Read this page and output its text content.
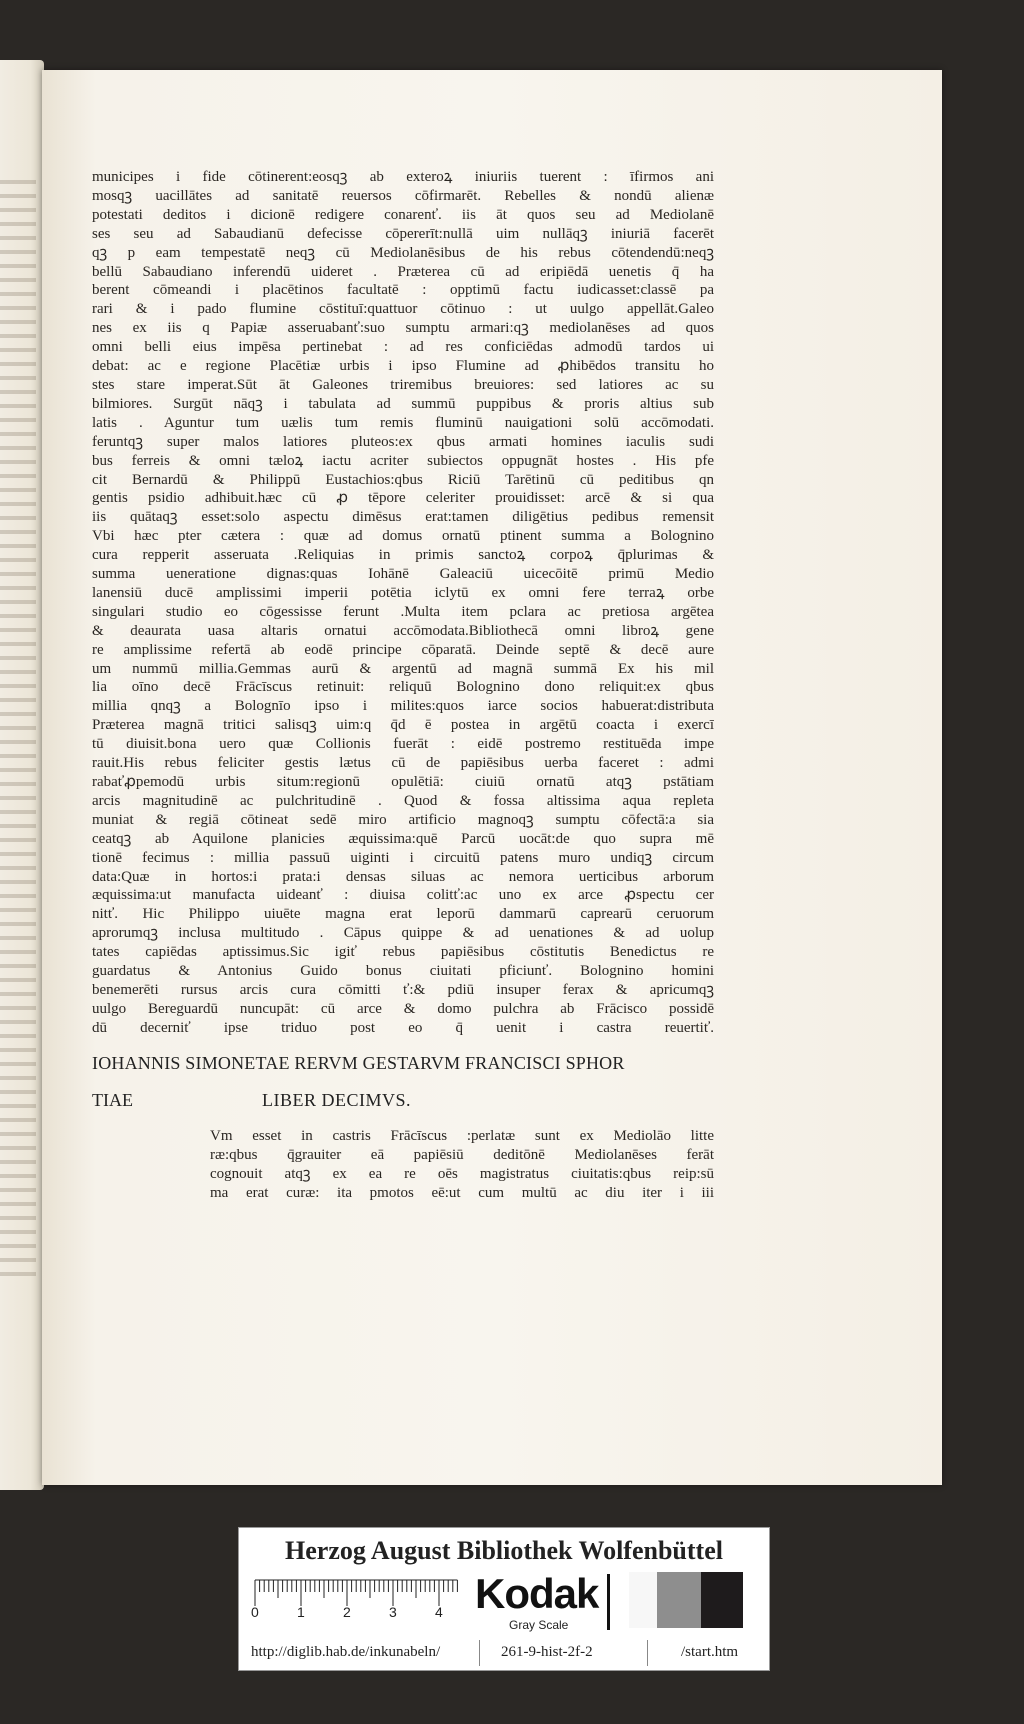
municipes i fide cōtinerent:eosqꝫ ab exteroꝝ iniuriis tuerent : īfirmos ani
mosqꝫ uacillātes ad sanitatē reuersos cōfirmarēt. Rebelles & nondū alienæ
potestati deditos i dicionē redigere conarenť. iis āt quos seu ad Mediolanē
ses seu ad Sabaudianū defecisse cōpererīt:nullā uim nullāqꝫ iniuriā facerēt
qꝫ p eam tempestatē neqꝫ cū Mediolanēsibus de his rebus cōtendendū:neqꝫ
bellū Sabaudiano inferendū uideret . Præterea cū ad eripiēdā uenetis q̄ ha
berent cōmeandi i placētinos facultatē : opptimū factu iudicasset:classē pa
rari & i pado flumine cōstituī:quattuor cōtinuo : ut uulgo appellāt.Galeo
nes ex iis q Papiæ asseruabanť:suo sumptu armari:qꝫ mediolanēses ad quos
omni belli eius impēsa pertinebat : ad res conficiēdas admodū tardos ui
debat: ac e regione Placētiæ urbis i ipso Flumine ad ꝓhibēdos transitu ho
stes stare imperat.Sūt āt Galeones triremibus breuiores: sed latiores ac su
bilmiores. Surgūt nāqꝫ i tabulata ad summū puppibus & proris altius sub
latis . Aguntur tum uælis tum remis fluminū nauigationi solū accōmodati.
feruntqꝫ super malos latiores pluteos:ex qbus armati homines iaculis sudi
bus ferreis & omni tæloꝝ iactu acriter subiectos oppugnāt hostes . His pfe
cit Bernardū & Philippū Eustachios:qbus Riciū Tarētinū cū peditibus qn
gentis psidio adhibuit.hæc cū ꝓ tēpore celeriter prouidisset: arcē & si qua
iis quātaqꝫ esset:solo aspectu dimēsus erat:tamen diligētius pedibus remensit
Vbi hæc pter cætera : quæ ad domus ornatū ptinent summa a Bolognino
cura repperit asseruata .Reliquias in primis sanctoꝝ corpoꝝ q̄plurimas &
summa ueneratione dignas:quas Iohānē Galeaciū uicecōitē primū Medio
lanensiū ducē amplissimi imperii potētia iclytū ex omni fere terraꝝ orbe
singulari studio eo cōgessisse ferunt .Multa item pclara ac pretiosa argētea
& deaurata uasa altaris ornatui accōmodata.Bibliothecā omni libroꝝ gene
re amplissime refertā ab eodē principe cōparatā. Deinde septē & decē aure
um nummū millia.Gemmas aurū & argentū ad magnā summā Ex his mil
lia oīno decē Frācīscus retinuit: reliquū Bolognino dono reliquit:ex qbus
millia qnqꝫ a Bolognīo ipso i milites:quos iarce socios habuerat:distributa
Præterea magnā tritici salisqꝫ uim:q q̄d ē postea in argētū coacta i exercī
tū diuisit.bona uero quæ Collionis fuerāt : eidē postremo restituēda impe
rauit.His rebus feliciter gestis lætus cū de papiēsibus uerba faceret : admi
rabaťꝓpemodū urbis situm:regionū opulētiā: ciuiū ornatū atqꝫ pstātiam
arcis magnitudinē ac pulchritudinē . Quod & fossa altissima aqua repleta
muniat & regiā cōtineat sedē miro artificio magnoqꝫ sumptu cōfectā:a sia
ceatqꝫ ab Aquilone planicies æquissima:quē Parcū uocāt:de quo supra mē
tionē fecimus : millia passuū uiginti i circuitū patens muro undiqꝫ circum
data:Quæ in hortos:i prata:i densas siluas ac nemora uerticibus arborum
æquissima:ut manufacta uideanť : diuisa colitť:ac uno ex arce ꝓspectu cer
nitť. Hic Philippo uiuēte magna erat leporū dammarū caprearū ceruorum
aprorumqꝫ inclusa multitudo . Cāpus quippe & ad uenationes & ad uolup
tates capiēdas aptissimus.Sic igiť rebus papiēsibus cōstitutis Benedictus re
guardatus & Antonius Guido bonus ciuitati pficiunť. Bolognino homini
benemerēti rursus arcis cura cōmitti ť:& pdiū insuper ferax & apricumqꝫ
uulgo Bereguardū nuncupāt: cū arce & domo pulchra ab Frācisco possidē
dū decerniť ipse triduo post eo q̄ uenit i castra reuertiť.
IOHANNIS SIMONETAE RERVM GESTARVM FRANCISCI SPHOR
TIAE	LIBER DECIMVS.
Vm esset in castris Frācīscus :perlatæ sunt ex Mediolāo litte
ræ:qbus q̄grauiter eā papiēsiū deditōnē Mediolanēses ferāt
cognouit atqꝫ ex ea re oēs magistratus ciuitatis:qbus reip:sū
ma erat curæ: ita pmotos eē:ut cum multū ac diu iter i iii
Herzog August Bibliothek Wolfenbüttel
0	1	2	3	4 Kodak
Gray Scale
http://diglib.hab.de/inkunabeln/	261-9-hist-2f-2	/start.htm
